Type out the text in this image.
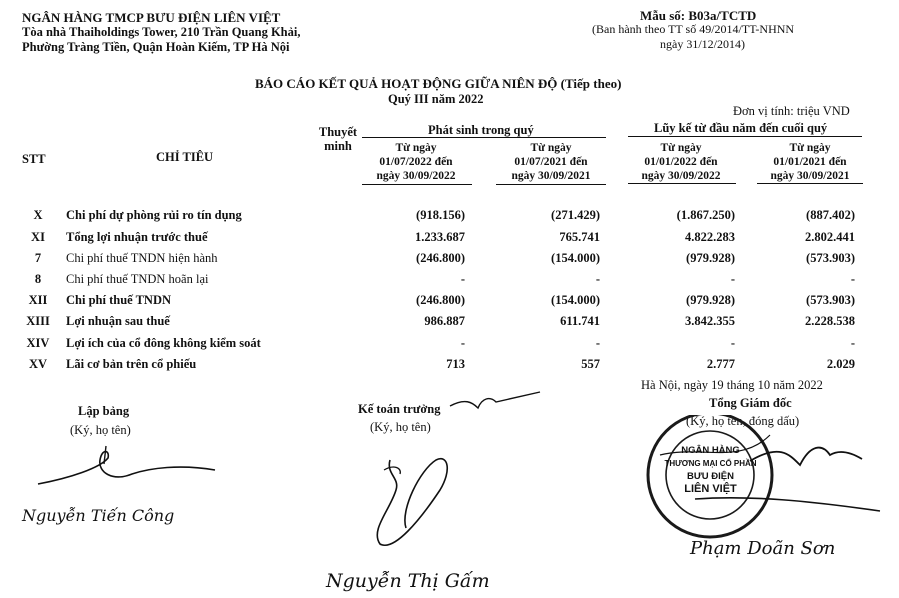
NGÂN HÀNG TMCP BƯU ĐIỆN LIÊN VIỆT
Tòa nhà Thaiholdings Tower, 210 Trần Quang Khải,
Phường Tràng Tiền, Quận Hoàn Kiếm, TP Hà Nội
Mẫu số: B03a/TCTD
(Ban hành theo TT số 49/2014/TT-NHNN
ngày 31/12/2014)
BÁO CÁO KẾT QUẢ HOẠT ĐỘNG GIỮA NIÊN ĐỘ (Tiếp theo)
Quý III năm 2022
Đơn vị tính: triệu VND
STT	CHỈ TIÊU
Thuyết
minh
Phát sinh trong quý	Lũy kế từ đầu năm đến cuối quý
Từ ngày
01/07/2022 đến
ngày 30/09/2022
Từ ngày
01/07/2021 đến
ngày 30/09/2021
Từ ngày
01/01/2022 đến
ngày 30/09/2022
Từ ngày
01/01/2021 đến
ngày 30/09/2021
X	Chi phí dự phòng rủi ro tín dụng	(918.156)	(271.429)	(1.867.250)	(887.402)
XI	Tổng lợi nhuận trước thuế	1.233.687	765.741	4.822.283	2.802.441
7	Chi phí thuế TNDN hiện hành	(246.800)	(154.000)	(979.928)	(573.903)
8	Chi phí thuế TNDN hoãn lại	-	-	-	-
XII	Chi phí thuế TNDN	(246.800)	(154.000)	(979.928)	(573.903)
XIII	Lợi nhuận sau thuế	986.887	611.741	3.842.355	2.228.538
XIV	Lợi ích của cổ đông không kiểm soát	-	-	-	-
XV	Lãi cơ bản trên cổ phiếu	713	557	2.777	2.029
Hà Nội, ngày 19 tháng 10 năm 2022
Lập bảng
(Ký, họ tên)
Kế toán trưởng
(Ký, họ tên)
Tổng Giám đốc
(Ký, họ tên, đóng dấu)
NGÂN HÀNG
THƯƠNG MẠI CỔ PHẦN
BƯU ĐIỆN
LIÊN VIỆT
Nguyễn Tiến Công
Nguyễn Thị Gấm
Phạm Doãn Sơn
